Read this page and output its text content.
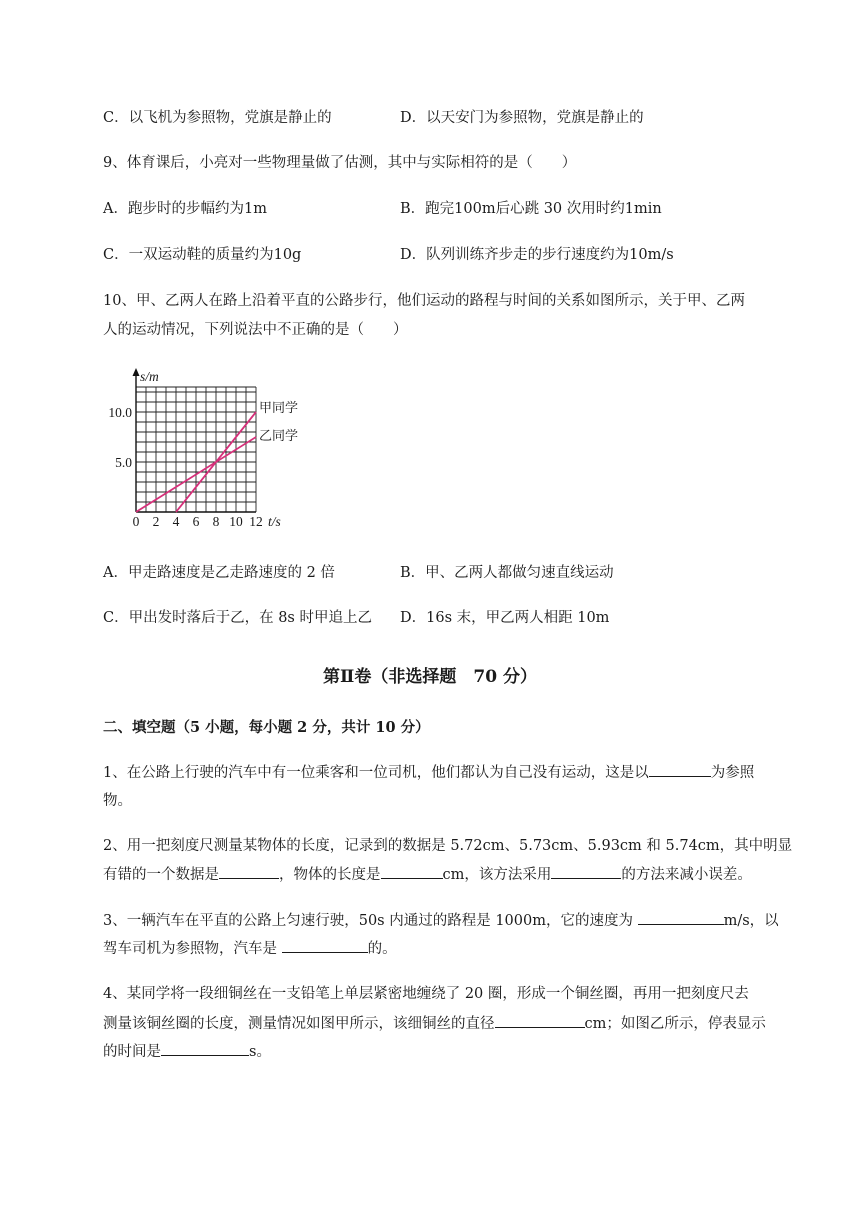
C．以飞机为参照物，党旗是静止的	D．以天安门为参照物，党旗是静止的
9、体育课后，小亮对一些物理量做了估测，其中与实际相符的是（　　）
A．跑步时的步幅约为1m	B．跑完100m后心跳 30 次用时约1min
C．一双运动鞋的质量约为10g	D．队列训练齐步走的步行速度约为10m/s
10、甲、乙两人在路上沿着平直的公路步行，他们运动的路程与时间的关系如图所示，关于甲、乙两
人的运动情况，下列说法中不正确的是（　　）
s/m
t/s
0 2 4 6 8 10 12
5.0
10.0	甲同学
乙同学
A．甲走路速度是乙走路速度的 2 倍	B．甲、乙两人都做匀速直线运动
C．甲出发时落后于乙，在 8s 时甲追上乙 D．16s 末，甲乙两人相距 10m
第Ⅱ卷（非选择题　70 分）
二、填空题（5 小题，每小题 2 分，共计 10 分）
1、在公路上行驶的汽车中有一位乘客和一位司机，他们都认为自己没有运动，这是以	为参照
物。
2、用一把刻度尺测量某物体的长度，记录到的数据是 5.72cm、5.73cm、5.93cm 和 5.74cm，其中明显
有错的一个数据是	，物体的长度是	cm，该方法采用	的方法来减小误差。
3、一辆汽车在平直的公路上匀速行驶，50s 内通过的路程是 1000m，它的速度为	m/s，以
驾车司机为参照物，汽车是	的。
4、某同学将一段细铜丝在一支铅笔上单层紧密地缠绕了 20 圈，形成一个铜丝圈，再用一把刻度尺去
测量该铜丝圈的长度，测量情况如图甲所示，该细铜丝的直径	cm；如图乙所示，停表显示
的时间是	s。
